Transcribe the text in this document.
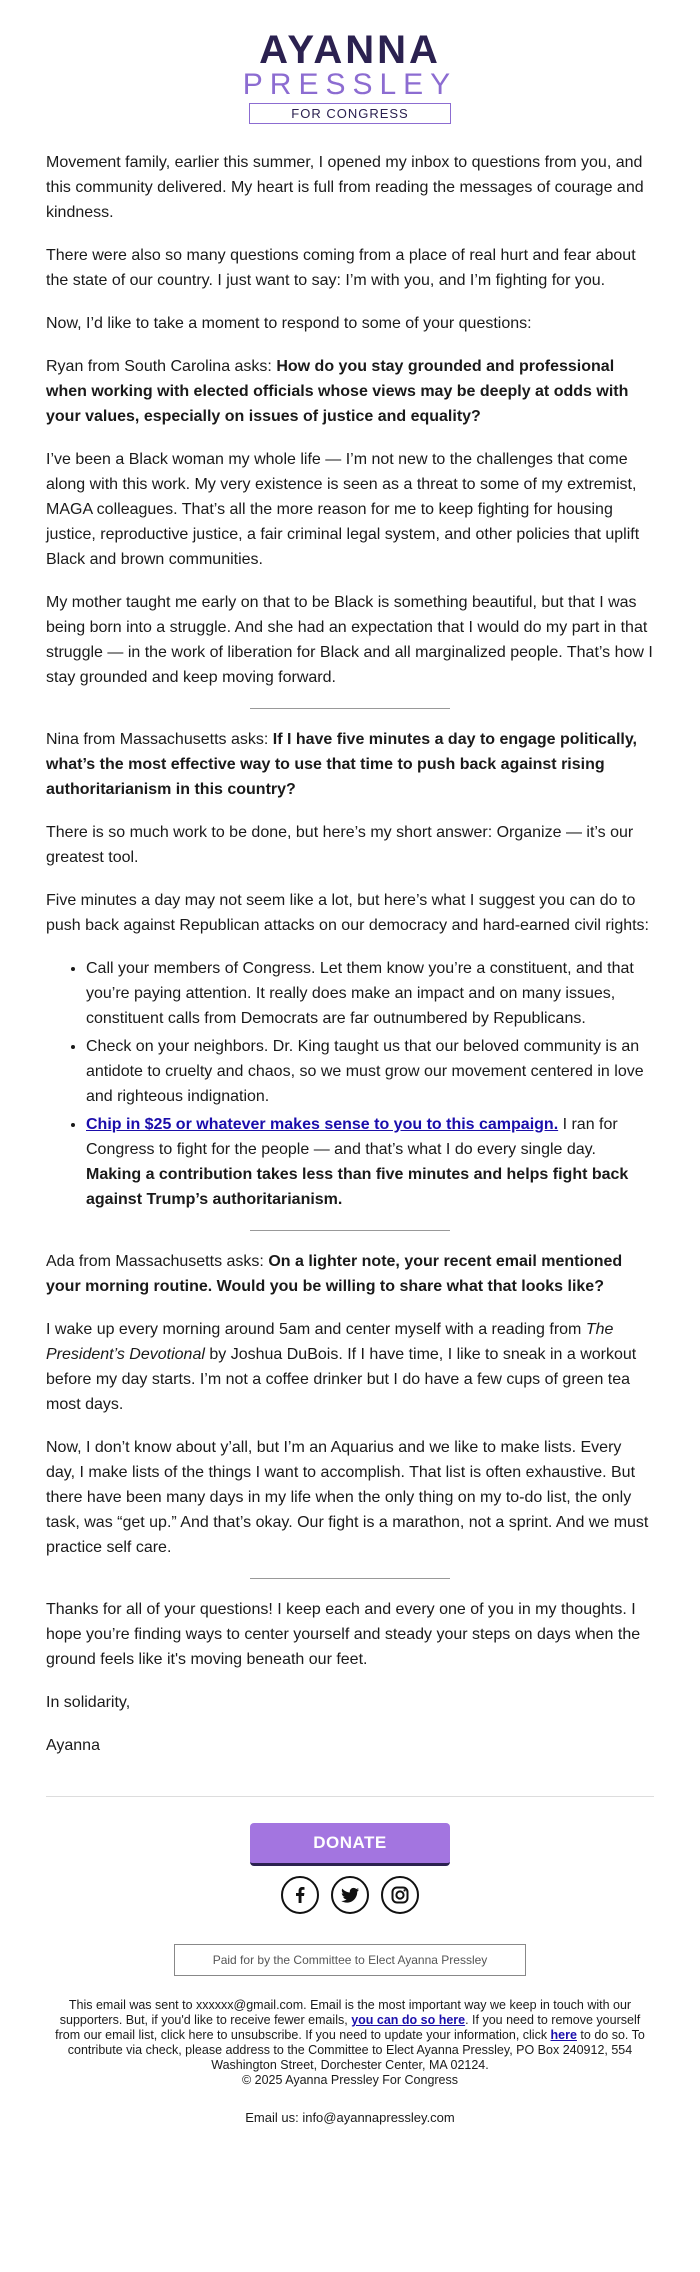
AYANNA
PRESSLEY
FOR CONGRESS

Movement family, earlier this summer, I opened my inbox to questions from you, and this community delivered. My heart is full from reading the messages of courage and kindness.

There were also so many questions coming from a place of real hurt and fear about the state of our country. I just want to say: I’m with you, and I’m fighting for you.

Now, I’d like to take a moment to respond to some of your questions:

Ryan from South Carolina asks: How do you stay grounded and professional when working with elected officials whose views may be deeply at odds with your values, especially on issues of justice and equality?

I’ve been a Black woman my whole life — I’m not new to the challenges that come along with this work. My very existence is seen as a threat to some of my extremist, MAGA colleagues. That’s all the more reason for me to keep fighting for housing justice, reproductive justice, a fair criminal legal system, and other policies that uplift Black and brown communities.

My mother taught me early on that to be Black is something beautiful, but that I was being born into a struggle. And she had an expectation that I would do my part in that struggle — in the work of liberation for Black and all marginalized people. That’s how I stay grounded and keep moving forward.

Nina from Massachusetts asks: If I have five minutes a day to engage politically, what’s the most effective way to use that time to push back against rising authoritarianism in this country?

There is so much work to be done, but here’s my short answer: Organize — it’s our greatest tool.

Five minutes a day may not seem like a lot, but here’s what I suggest you can do to push back against Republican attacks on our democracy and hard-earned civil rights:

• Call your members of Congress. Let them know you’re a constituent, and that you’re paying attention. It really does make an impact and on many issues, constituent calls from Democrats are far outnumbered by Republicans.
• Check on your neighbors. Dr. King taught us that our beloved community is an antidote to cruelty and chaos, so we must grow our movement centered in love and righteous indignation.
• Chip in $25 or whatever makes sense to you to this campaign. I ran for Congress to fight for the people — and that’s what I do every single day. Making a contribution takes less than five minutes and helps fight back against Trump’s authoritarianism.

Ada from Massachusetts asks: On a lighter note, your recent email mentioned your morning routine. Would you be willing to share what that looks like?

I wake up every morning around 5am and center myself with a reading from The President’s Devotional by Joshua DuBois. If I have time, I like to sneak in a workout before my day starts. I’m not a coffee drinker but I do have a few cups of green tea most days.

Now, I don’t know about y’all, but I’m an Aquarius and we like to make lists. Every day, I make lists of the things I want to accomplish. That list is often exhaustive. But there have been many days in my life when the only thing on my to-do list, the only task, was “get up.” And that’s okay. Our fight is a marathon, not a sprint. And we must practice self care.

Thanks for all of your questions! I keep each and every one of you in my thoughts. I hope you’re finding ways to center yourself and steady your steps on days when the ground feels like it's moving beneath our feet.

In solidarity,

Ayanna

DONATE

Paid for by the Committee to Elect Ayanna Pressley
This email was sent to xxxxxx@gmail.com. Email is the most important way we keep in touch with our supporters. But, if you'd like to receive fewer emails, you can do so here. If you need to remove yourself from our email list, click here to unsubscribe. If you need to update your information, click here to do so. To contribute via check, please address to the Committee to Elect Ayanna Pressley, PO Box 240912, 554 Washington Street, Dorchester Center, MA 02124.
© 2025 Ayanna Pressley For Congress
Email us: info@ayannapressley.com
